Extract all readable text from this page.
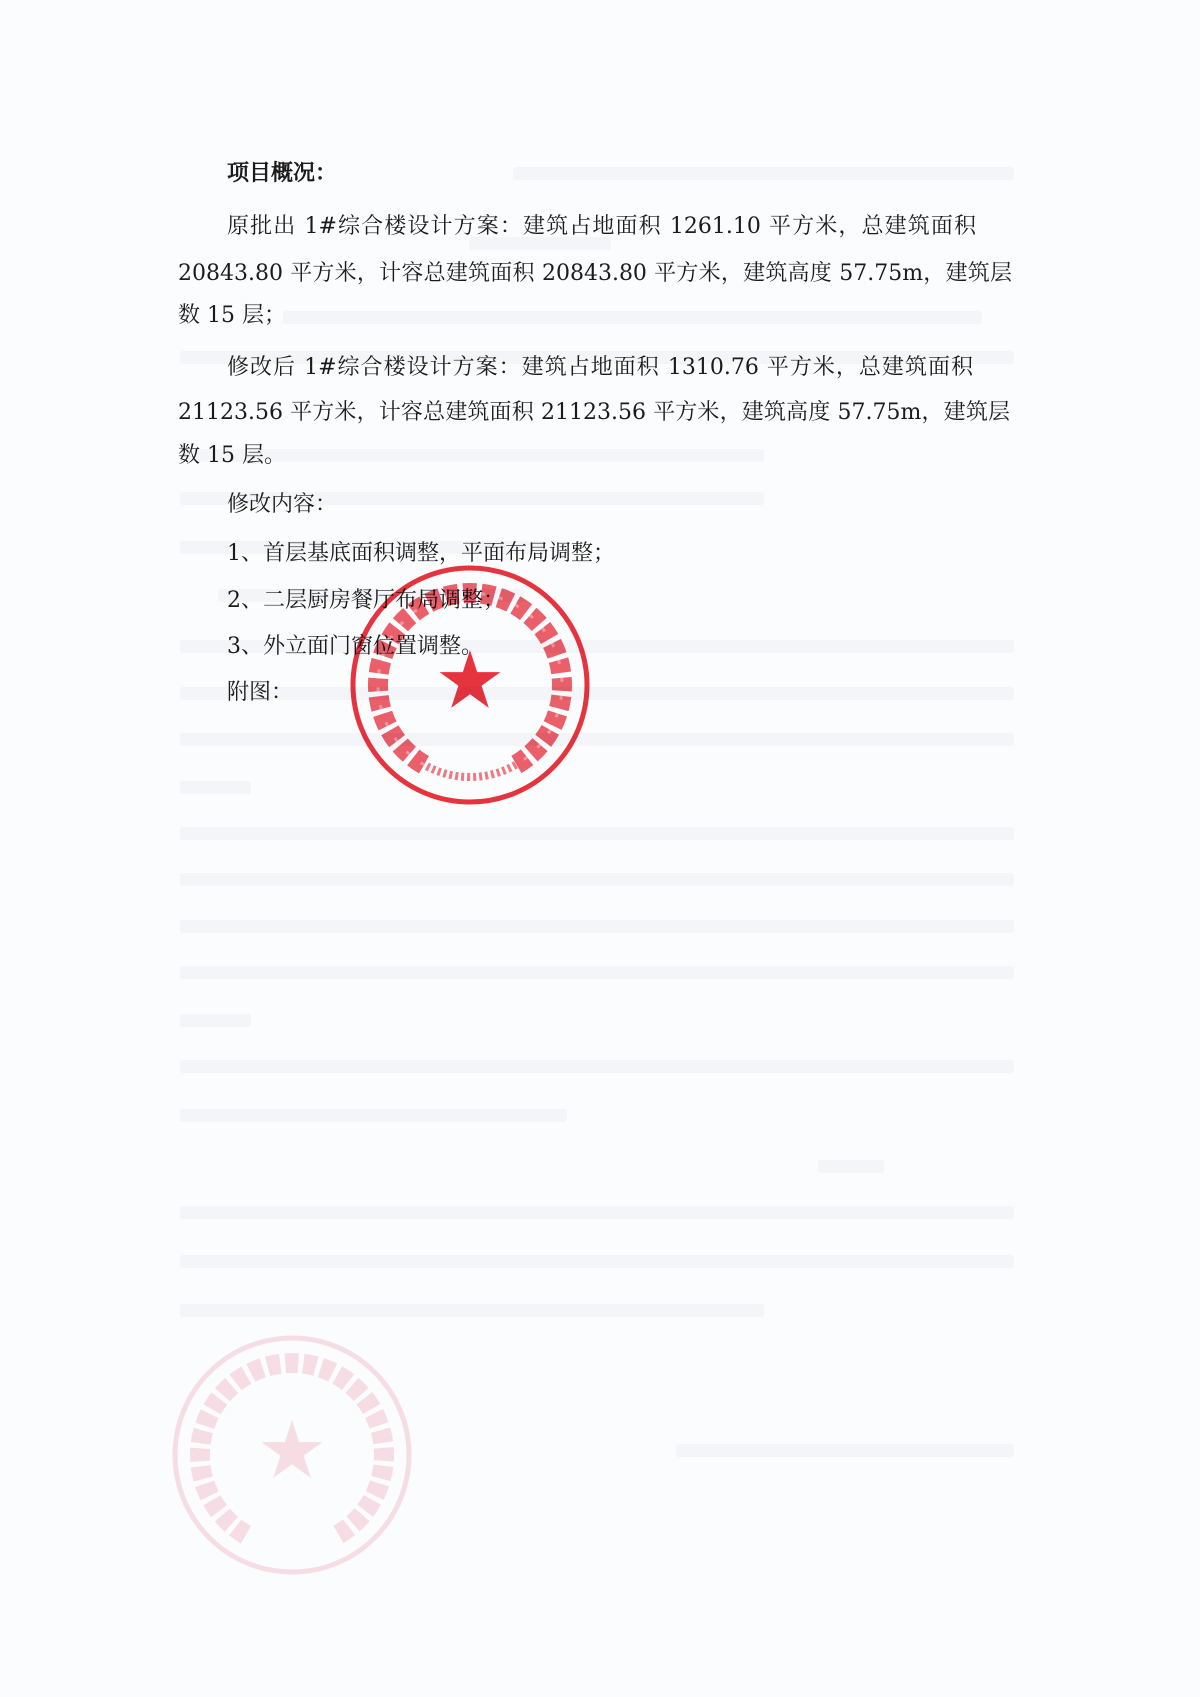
项目概况：
原批出 1#综合楼设计方案：建筑占地面积 1261.10 平方米，总建筑面积
20843.80 平方米，计容总建筑面积 20843.80 平方米，建筑高度 57.75m，建筑层
数 15 层；
修改后 1#综合楼设计方案：建筑占地面积 1310.76 平方米，总建筑面积
21123.56 平方米，计容总建筑面积 21123.56 平方米，建筑高度 57.75m，建筑层
数 15 层。
修改内容：
1、首层基底面积调整，平面布局调整；
2、二层厨房餐厅布局调整；
3、外立面门窗位置调整。
附图：
